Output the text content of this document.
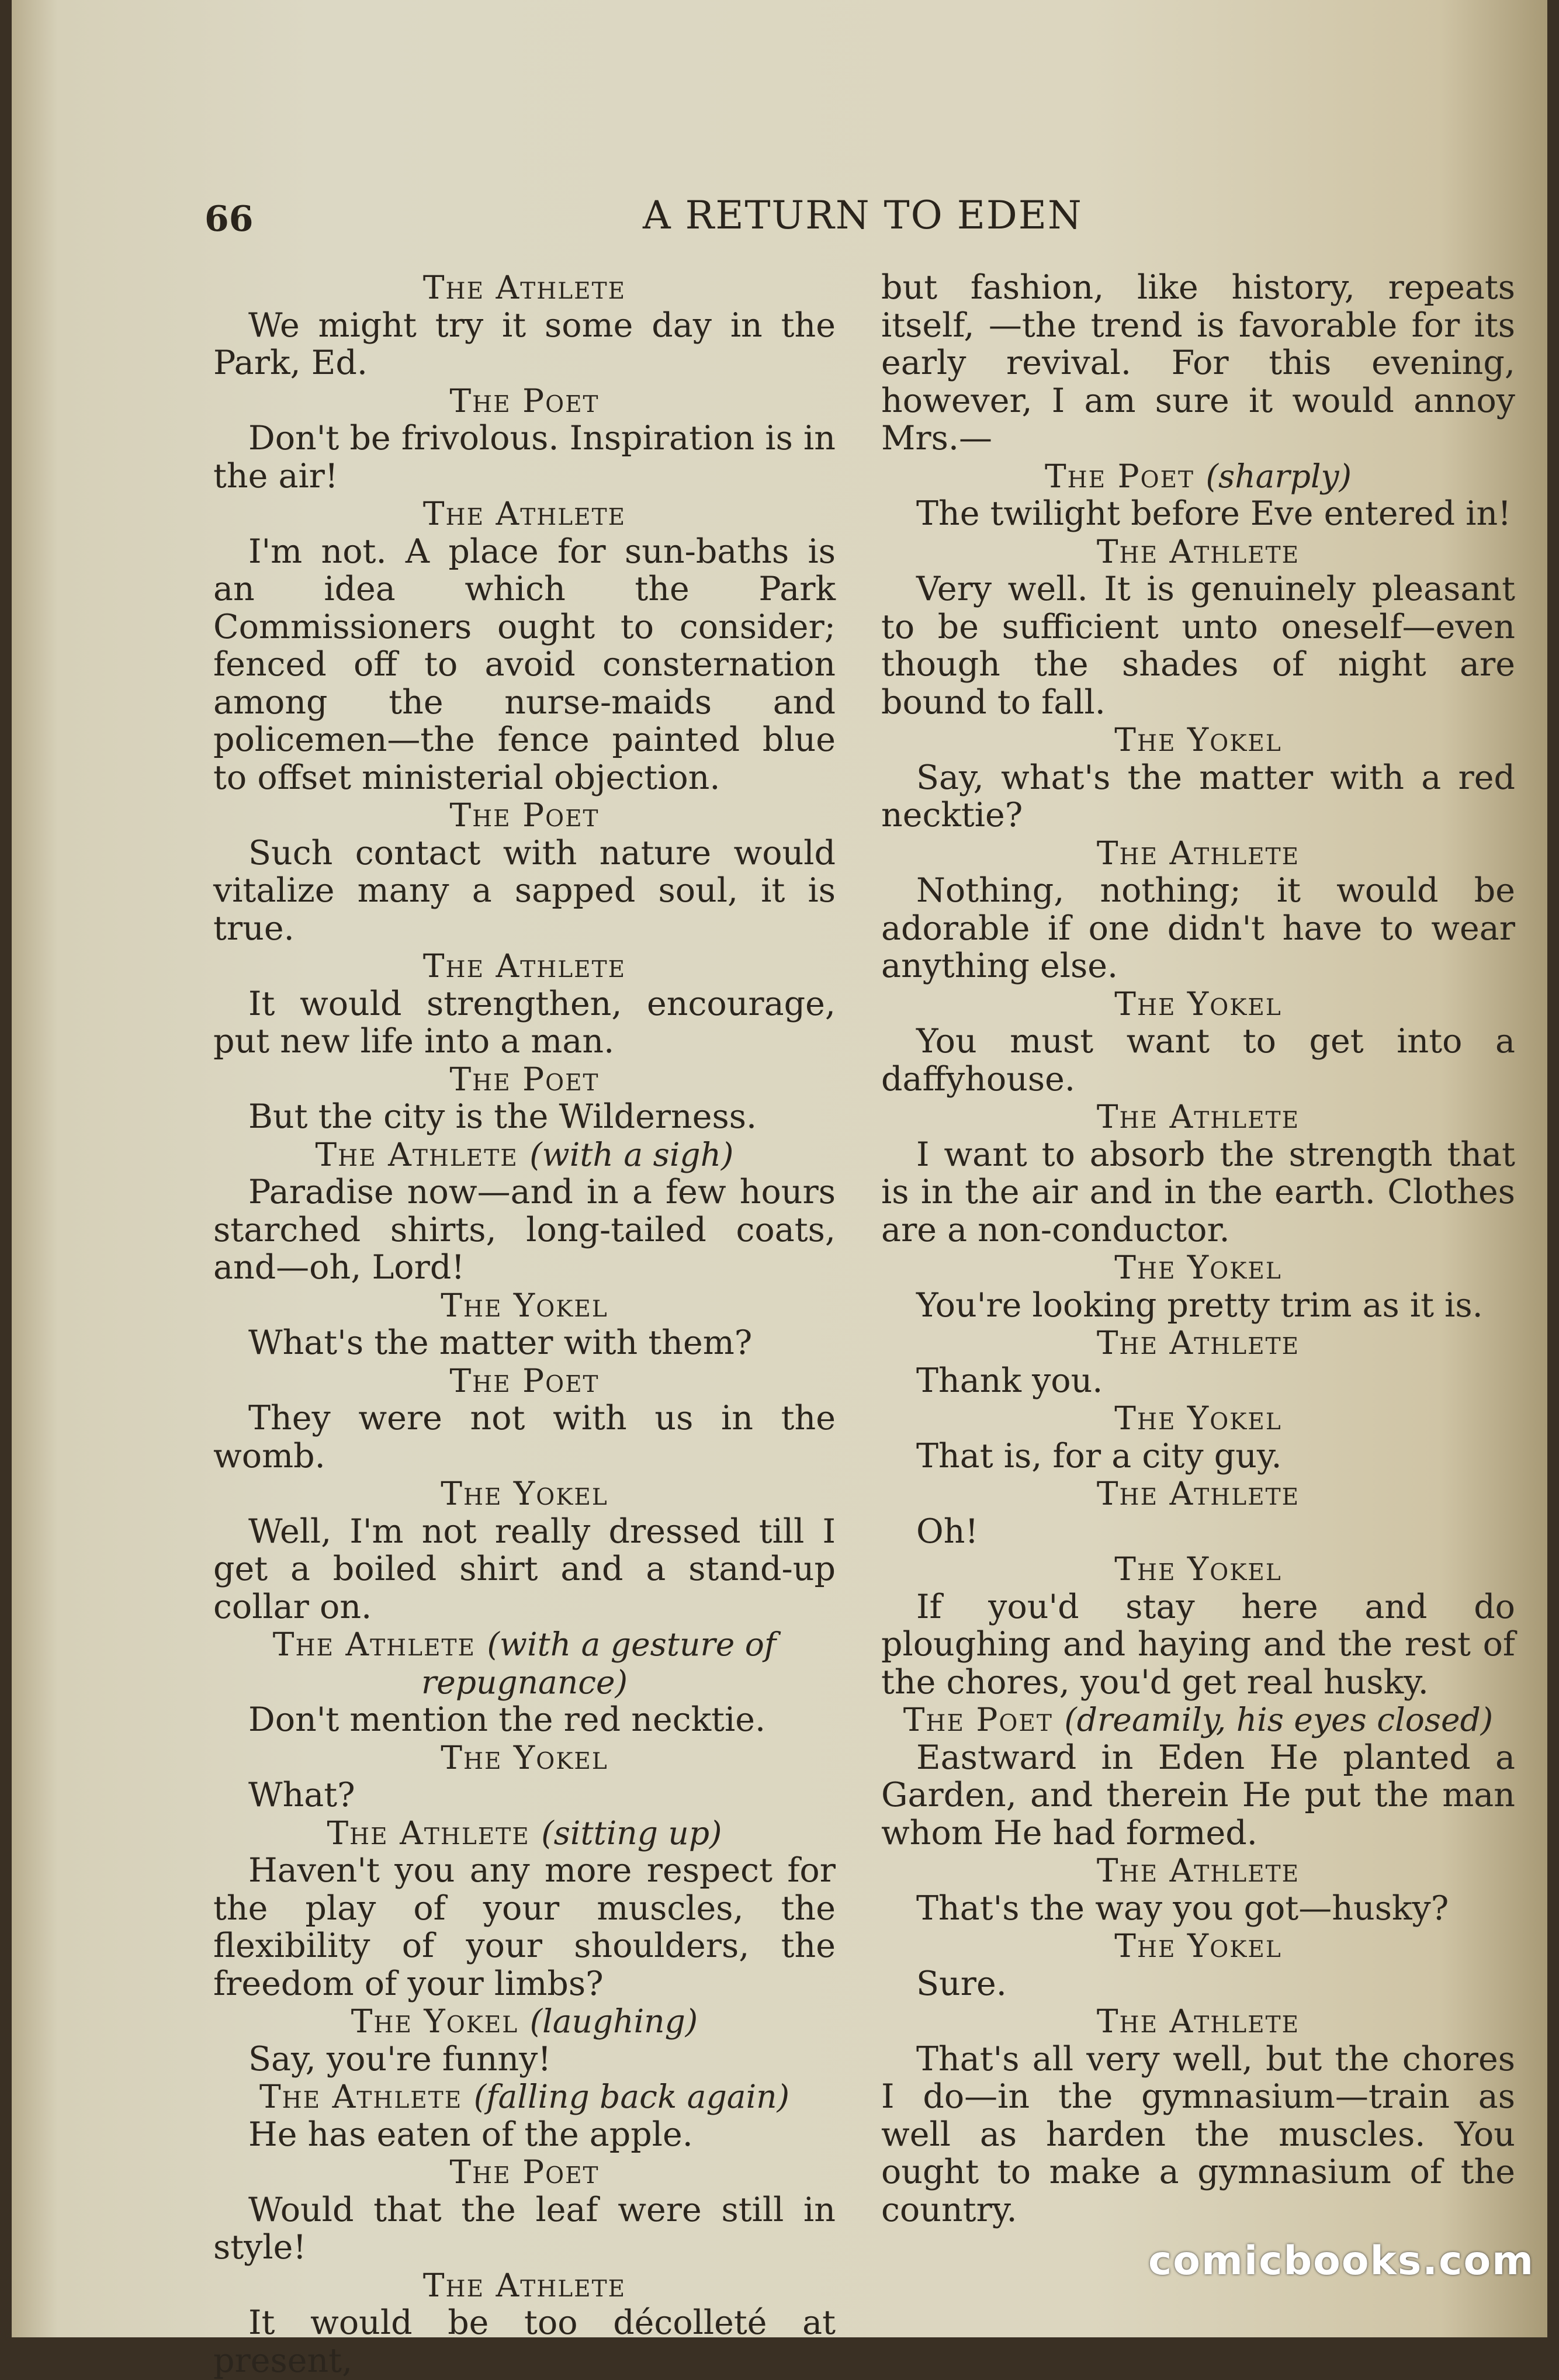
66	A RETURN TO EDEN
The Athlete
We might try it some day in the Park, Ed.
The Poet
Don't be frivolous. Inspiration is in the air!
The Athlete
I'm not. A place for sun-baths is an idea which the Park Commissioners ought to consider; fenced off to avoid consternation among the nurse-maids and policemen—the fence painted blue to offset ministerial objection.
The Poet
Such contact with nature would vitalize many a sapped soul, it is true.
The Athlete
It would strengthen, encourage, put new life into a man.
The Poet
But the city is the Wilderness.
The Athlete (with a sigh)
Paradise now—and in a few hours starched shirts, long-tailed coats, and—oh, Lord!
The Yokel
What's the matter with them?
The Poet
They were not with us in the womb.
The Yokel
Well, I'm not really dressed till I get a boiled shirt and a stand-up collar on.
The Athlete (with a gesture of repugnance)
Don't mention the red necktie.
The Yokel
What?
The Athlete (sitting up)
Haven't you any more respect for the play of your muscles, the flexibility of your shoulders, the freedom of your limbs?
The Yokel (laughing)
Say, you're funny!
The Athlete (falling back again)
He has eaten of the apple.
The Poet
Would that the leaf were still in style!
The Athlete
It would be too décolleté at present,
but fashion, like history, repeats itself, —the trend is favorable for its early revival. For this evening, however, I am sure it would annoy Mrs.—
The Poet (sharply)
The twilight before Eve entered in!
The Athlete
Very well. It is genuinely pleasant to be sufficient unto oneself—even though the shades of night are bound to fall.
The Yokel
Say, what's the matter with a red necktie?
The Athlete
Nothing, nothing; it would be adorable if one didn't have to wear anything else.
The Yokel
You must want to get into a daffyhouse.
The Athlete
I want to absorb the strength that is in the air and in the earth. Clothes are a non-conductor.
The Yokel
You're looking pretty trim as it is.
The Athlete
Thank you.
The Yokel
That is, for a city guy.
The Athlete
Oh!
The Yokel
If you'd stay here and do ploughing and haying and the rest of the chores, you'd get real husky.
The Poet (dreamily, his eyes closed)
Eastward in Eden He planted a Garden, and therein He put the man whom He had formed.
The Athlete
That's the way you got—husky?
The Yokel
Sure.
The Athlete
That's all very well, but the chores I do—in the gymnasium—train as well as harden the muscles. You ought to make a gymnasium of the country.
comicbooks.com
